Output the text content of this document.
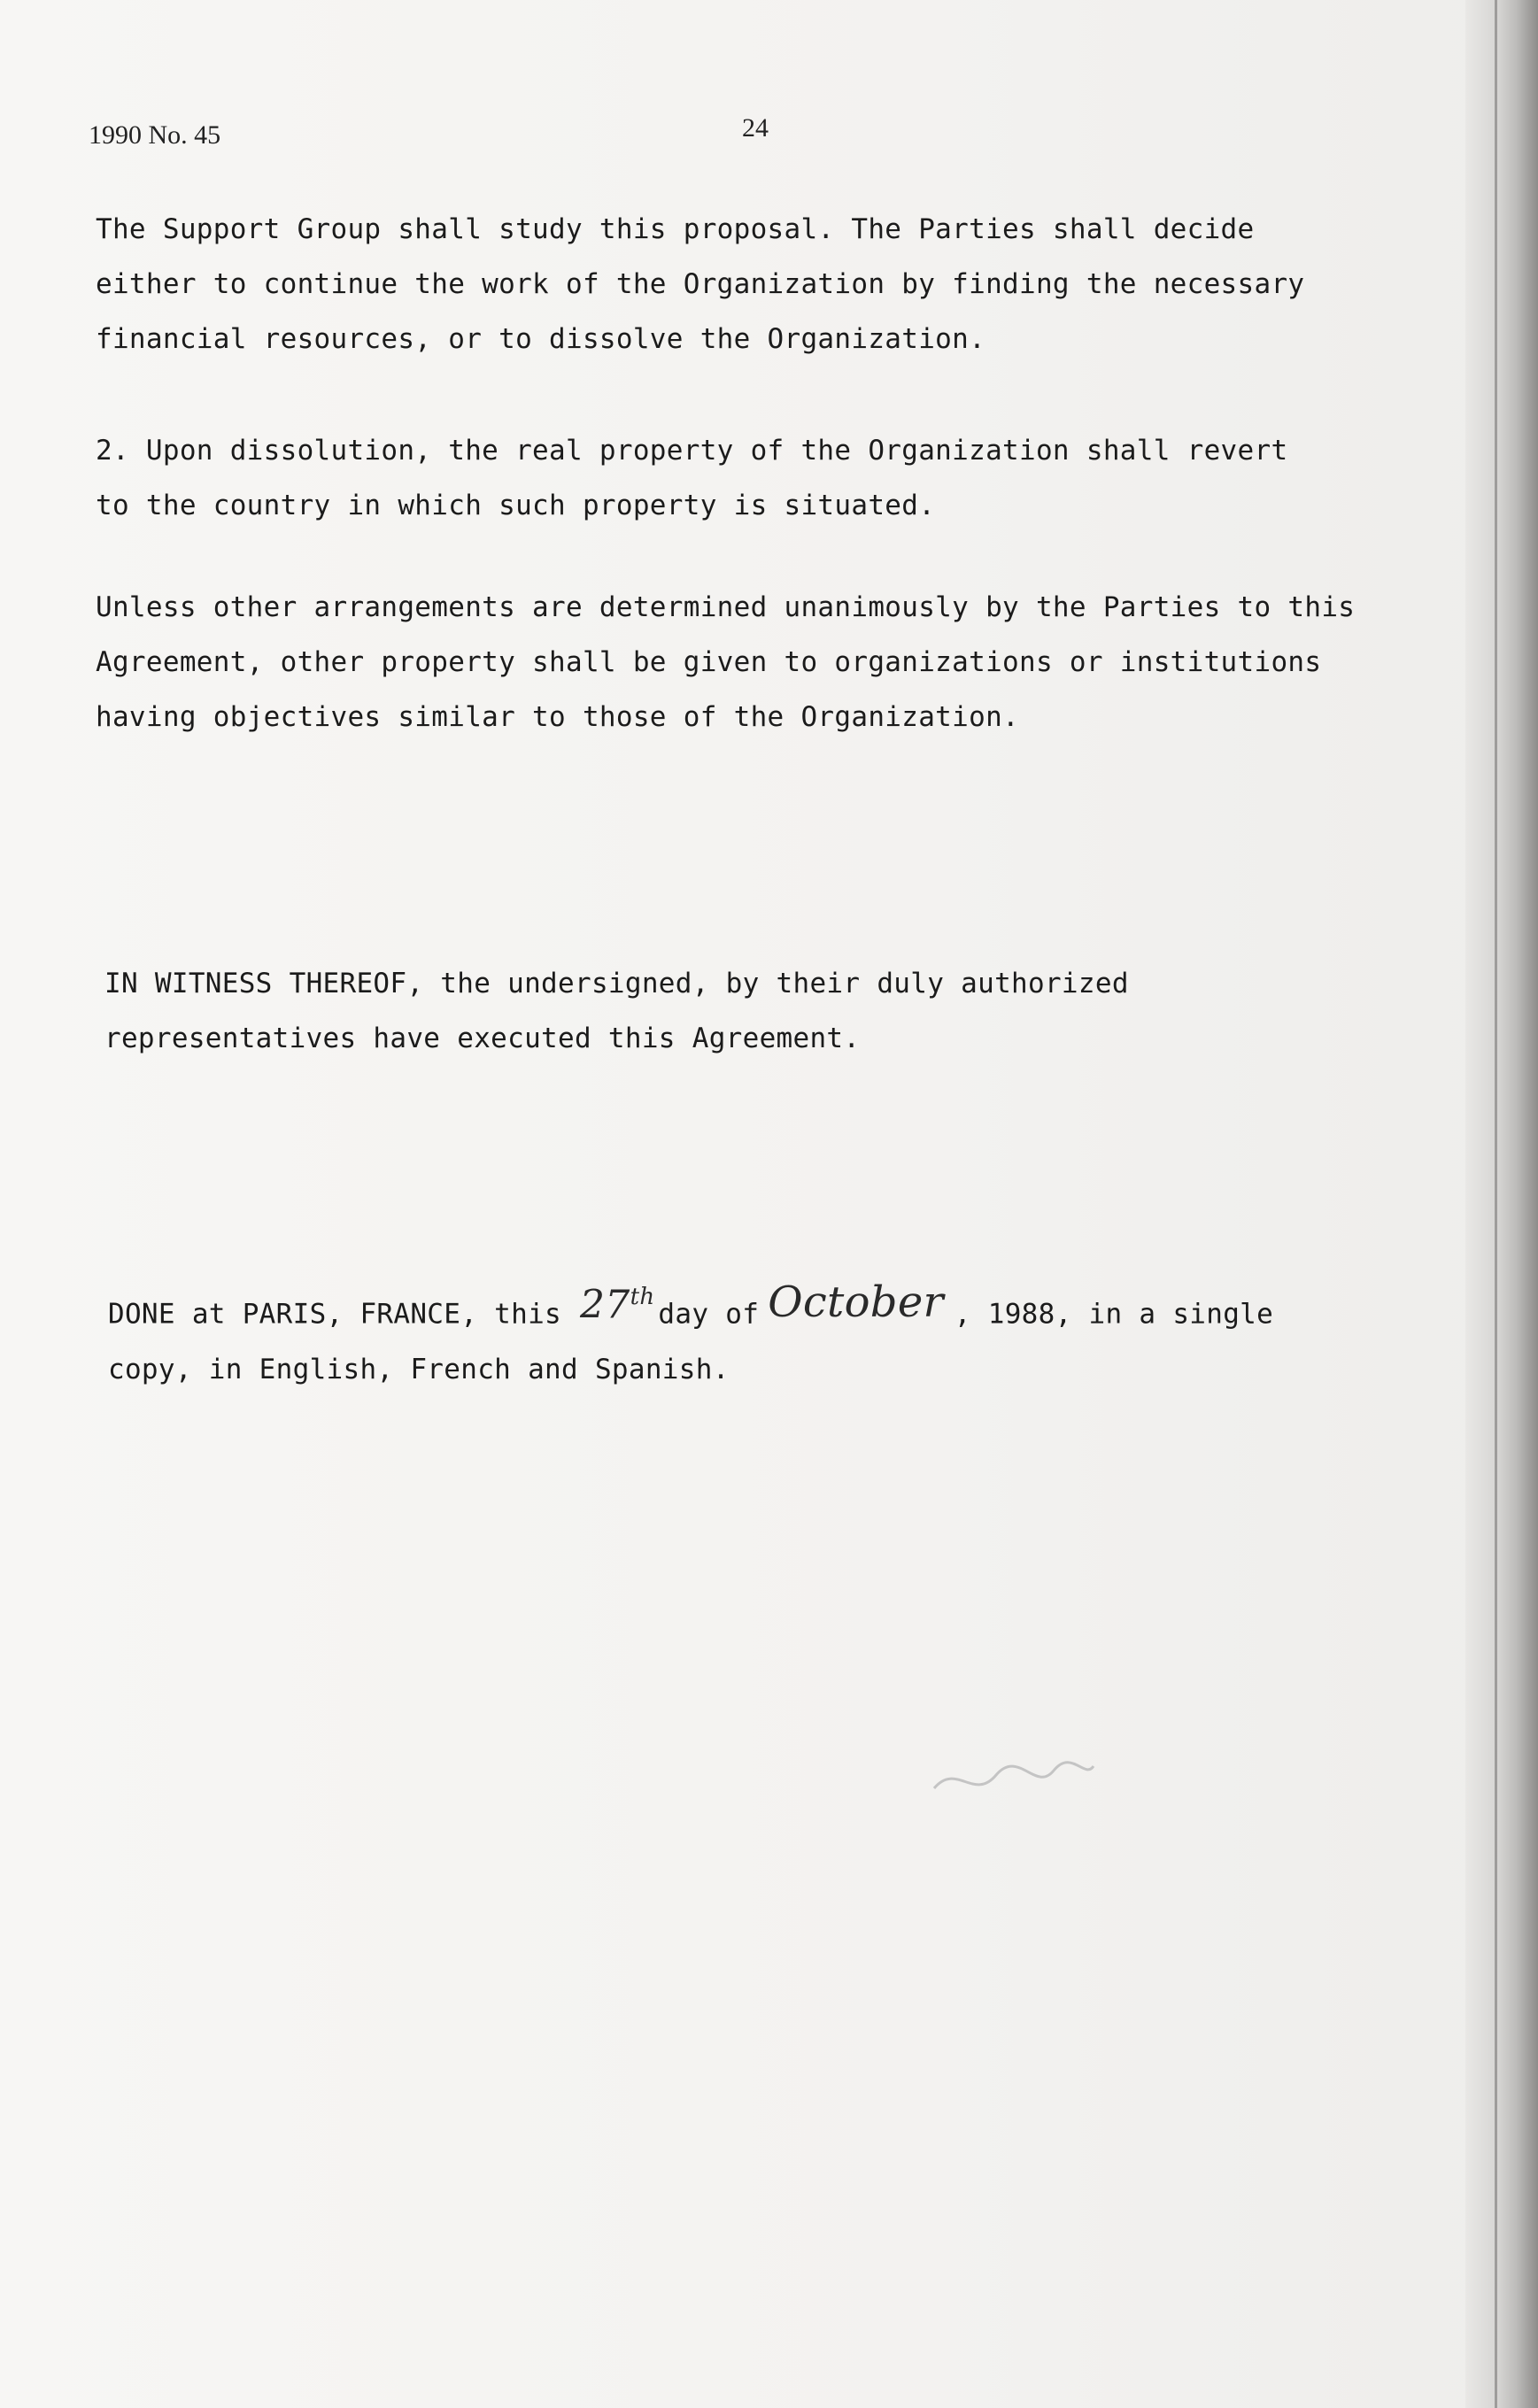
1990 No. 45	24
The Support Group shall study this proposal. The Parties shall decide
either to continue the work of the Organization by finding the necessary
financial resources, or to dissolve the Organization.
2. Upon dissolution, the real property of the Organization shall revert
to the country in which such property is situated.
Unless other arrangements are determined unanimously by the Parties to this
Agreement, other property shall be given to organizations or institutions
having objectives similar to those of the Organization.
IN WITNESS THEREOF, the undersigned, by their duly authorized
representatives have executed this Agreement.
DONE at PARIS, FRANCE, this 27thday of October , 1988, in a single
copy, in English, French and Spanish.
